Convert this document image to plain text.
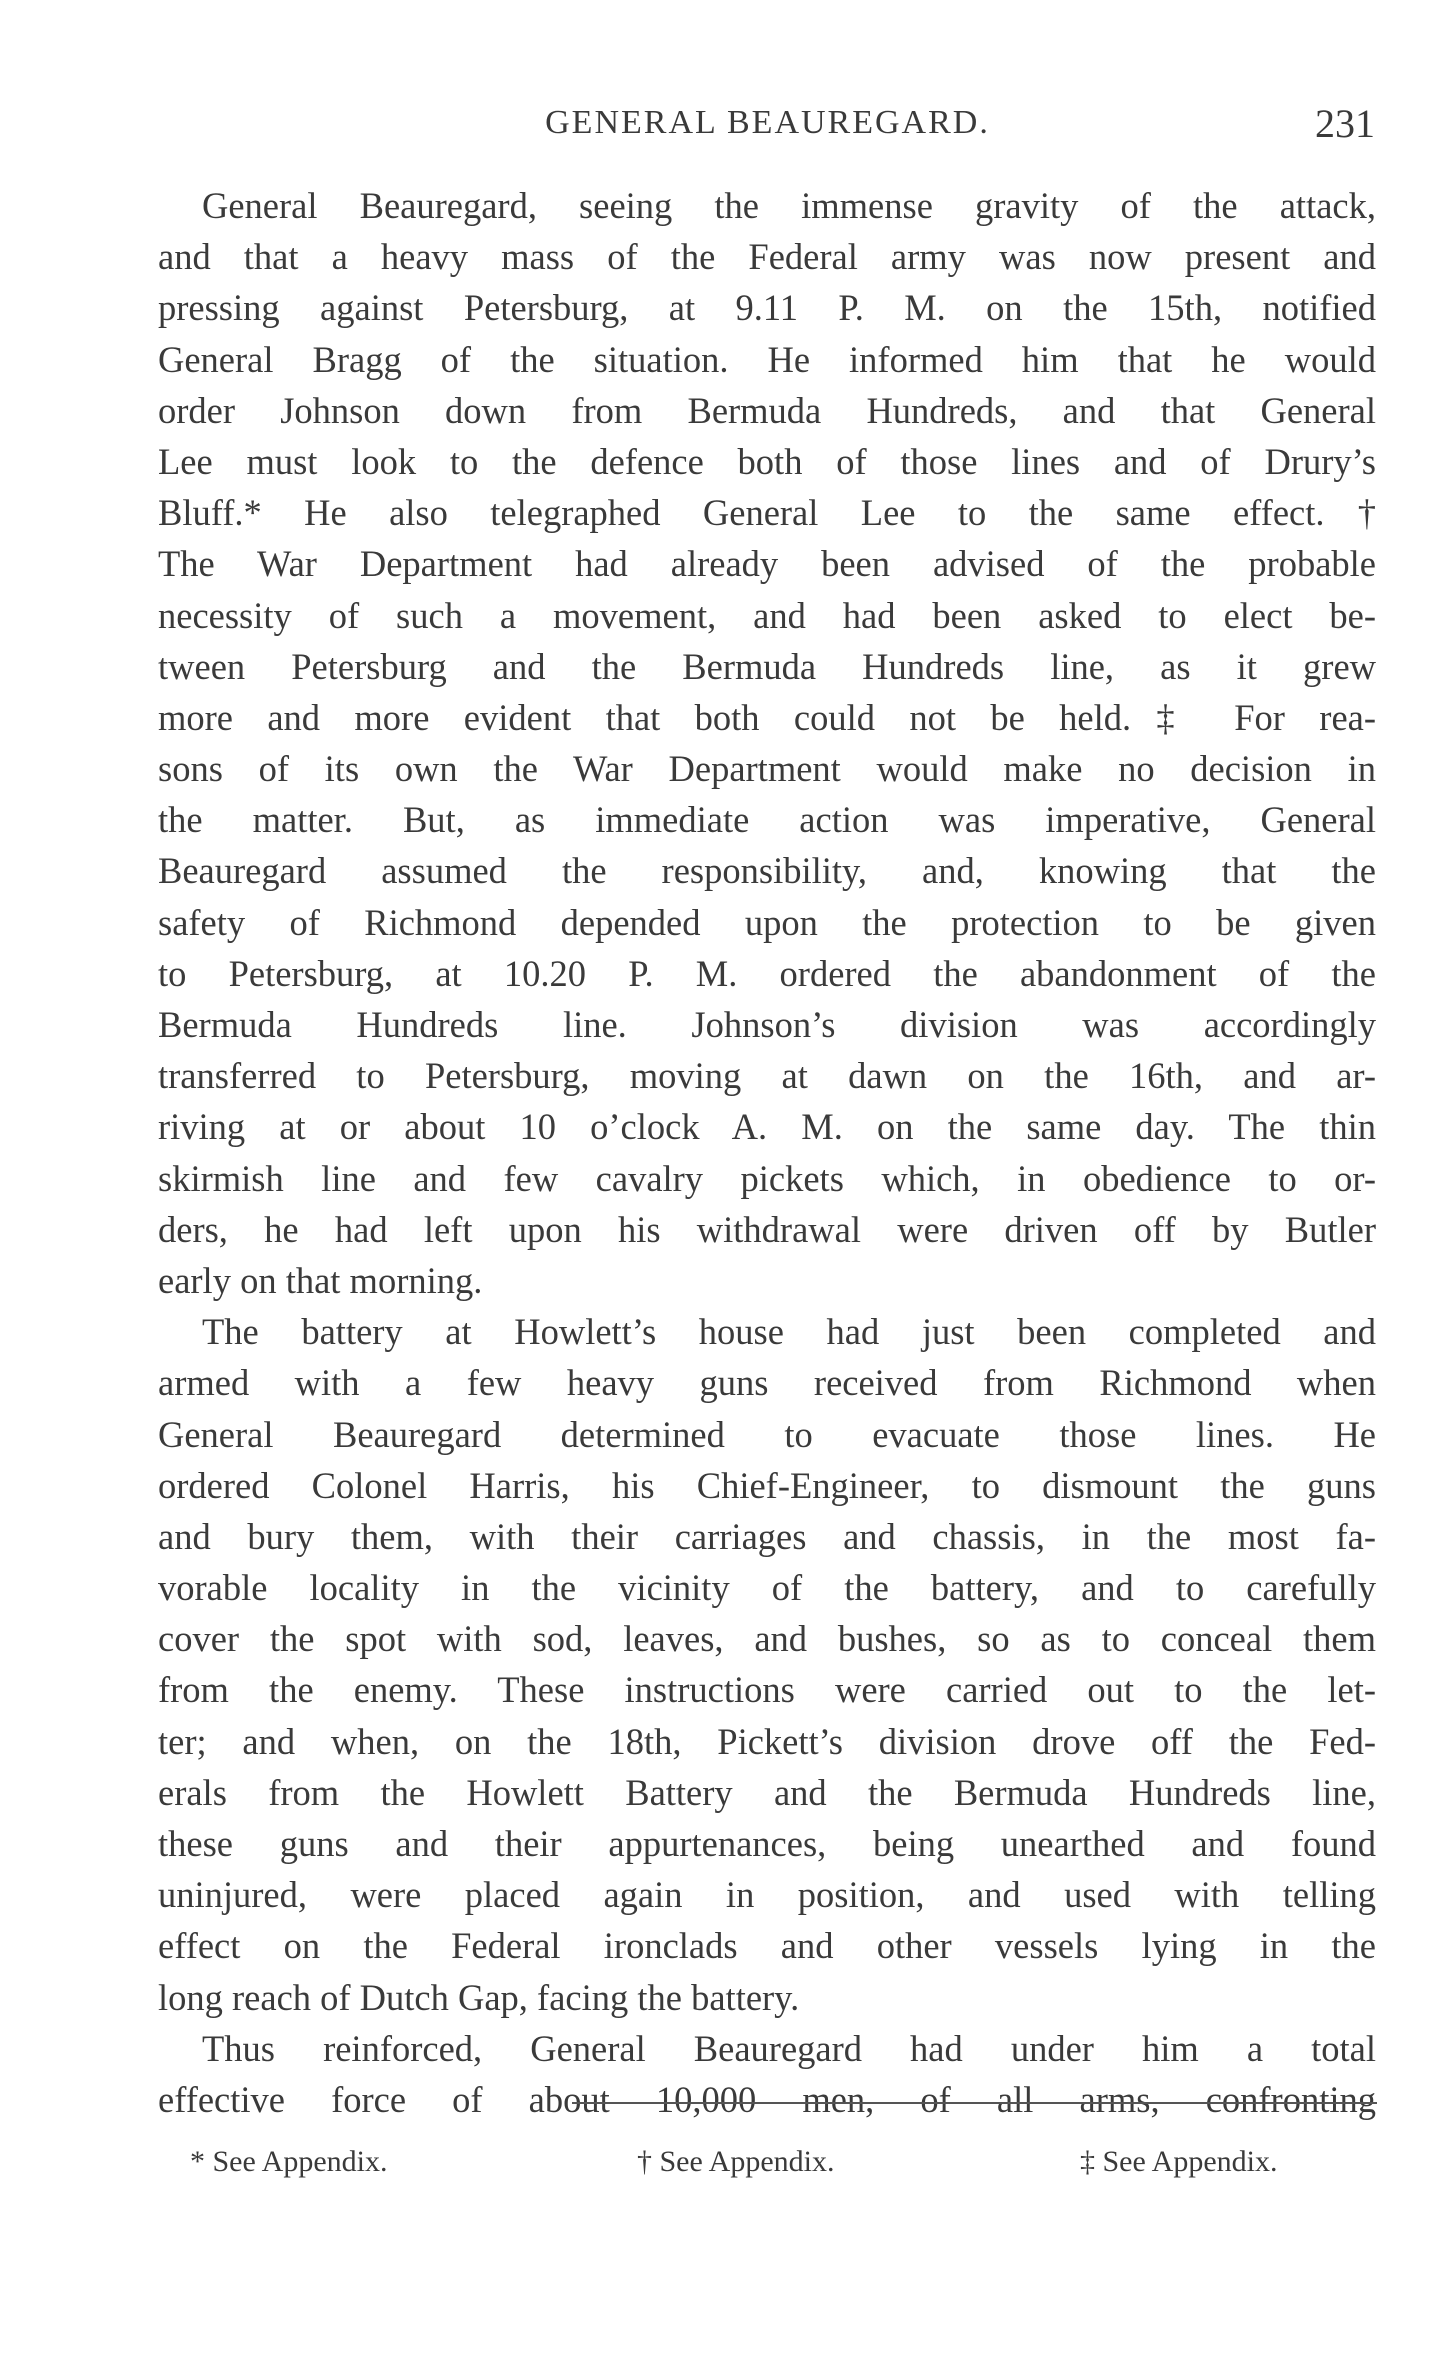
GENERAL BEAUREGARD.	231
General Beauregard, seeing the immense gravity of the attack,
and that a heavy mass of the Federal army was now present and
pressing against Petersburg, at 9.11 P. M. on the 15th, notified
General Bragg of the situation. He informed him that he would
order Johnson down from Bermuda Hundreds, and that General
Lee must look to the defence both of those lines and of Drury’s
Bluff.* He also telegraphed General Lee to the same effect.†
The War Department had already been advised of the probable
necessity of such a movement, and had been asked to elect be-
tween Petersburg and the Bermuda Hundreds line, as it grew
more and more evident that both could not be held.‡ For rea-
sons of its own the War Department would make no decision in
the matter. But, as immediate action was imperative, General
Beauregard assumed the responsibility, and, knowing that the
safety of Richmond depended upon the protection to be given
to Petersburg, at 10.20 P. M. ordered the abandonment of the
Bermuda Hundreds line. Johnson’s division was accordingly
transferred to Petersburg, moving at dawn on the 16th, and ar-
riving at or about 10 o’clock A. M. on the same day. The thin
skirmish line and few cavalry pickets which, in obedience to or-
ders, he had left upon his withdrawal were driven off by Butler
early on that morning.
The battery at Howlett’s house had just been completed and
armed with a few heavy guns received from Richmond when
General Beauregard determined to evacuate those lines. He
ordered Colonel Harris, his Chief-Engineer, to dismount the guns
and bury them, with their carriages and chassis, in the most fa-
vorable locality in the vicinity of the battery, and to carefully
cover the spot with sod, leaves, and bushes, so as to conceal them
from the enemy. These instructions were carried out to the let-
ter; and when, on the 18th, Pickett’s division drove off the Fed-
erals from the Howlett Battery and the Bermuda Hundreds line,
these guns and their appurtenances, being unearthed and found
uninjured, were placed again in position, and used with telling
effect on the Federal ironclads and other vessels lying in the
long reach of Dutch Gap, facing the battery.
Thus reinforced, General Beauregard had under him a total
effective force of about 10,000 men, of all arms, confronting
* See Appendix.	† See Appendix.	‡ See Appendix.
